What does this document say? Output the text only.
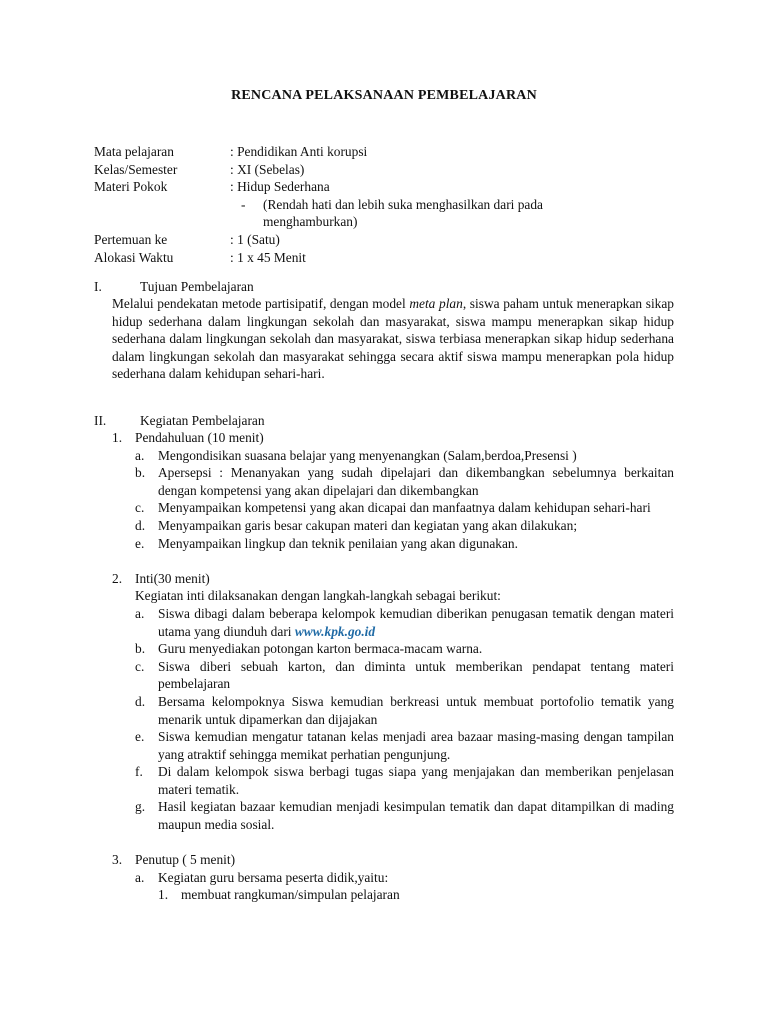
RENCANA PELAKSANAAN PEMBELAJARAN
Mata pelajaran	: Pendidikan Anti korupsi
Kelas/Semester	: XI (Sebelas)
Materi Pokok	: Hidup Sederhana
-	(Rendah hati dan lebih suka menghasilkan dari pada menghamburkan)
Pertemuan ke	: 1 (Satu)
Alokasi Waktu	: 1 x 45 Menit
I.	Tujuan Pembelajaran
Melalui pendekatan metode partisipatif, dengan model meta plan, siswa paham untuk menerapkan sikap hidup sederhana dalam lingkungan sekolah dan masyarakat, siswa mampu menerapkan sikap hidup sederhana dalam lingkungan sekolah dan masyarakat, siswa terbiasa menerapkan sikap hidup sederhana dalam lingkungan sekolah dan masyarakat sehingga secara aktif siswa mampu menerapkan pola hidup sederhana dalam kehidupan sehari-hari.
II.	Kegiatan Pembelajaran
1. Pendahuluan (10 menit)
a.	Mengondisikan suasana belajar yang menyenangkan (Salam,berdoa,Presensi )
b. Apersepsi : Menanyakan yang sudah dipelajari dan dikembangkan sebelumnya berkaitan dengan kompetensi yang akan dipelajari dan dikembangkan
c.	Menyampaikan kompetensi yang akan dicapai dan manfaatnya dalam kehidupan sehari-hari
d. Menyampaikan garis besar cakupan materi dan kegiatan yang akan dilakukan;
e.	Menyampaikan lingkup dan teknik penilaian yang akan digunakan.
2. Inti(30 menit)
Kegiatan inti dilaksanakan dengan langkah-langkah sebagai berikut:
a.	Siswa dibagi dalam beberapa kelompok kemudian diberikan penugasan tematik dengan materi utama yang diunduh dari www.kpk.go.id
b. Guru menyediakan potongan karton bermaca-macam warna.
c.	Siswa diberi sebuah karton, dan diminta untuk memberikan pendapat tentang materi pembelajaran
d. Bersama kelompoknya Siswa kemudian berkreasi untuk membuat portofolio tematik yang menarik untuk dipamerkan dan dijajakan
e.	Siswa kemudian mengatur tatanan kelas menjadi area bazaar masing-masing dengan tampilan yang atraktif sehingga memikat perhatian pengunjung.
f.	Di dalam kelompok siswa berbagi tugas siapa yang menjajakan dan memberikan penjelasan materi tematik.
g. Hasil kegiatan bazaar kemudian menjadi kesimpulan tematik dan dapat ditampilkan di mading maupun media sosial.
3. Penutup ( 5 menit)
a.	Kegiatan guru bersama peserta didik,yaitu:
1. membuat rangkuman/simpulan pelajaran
